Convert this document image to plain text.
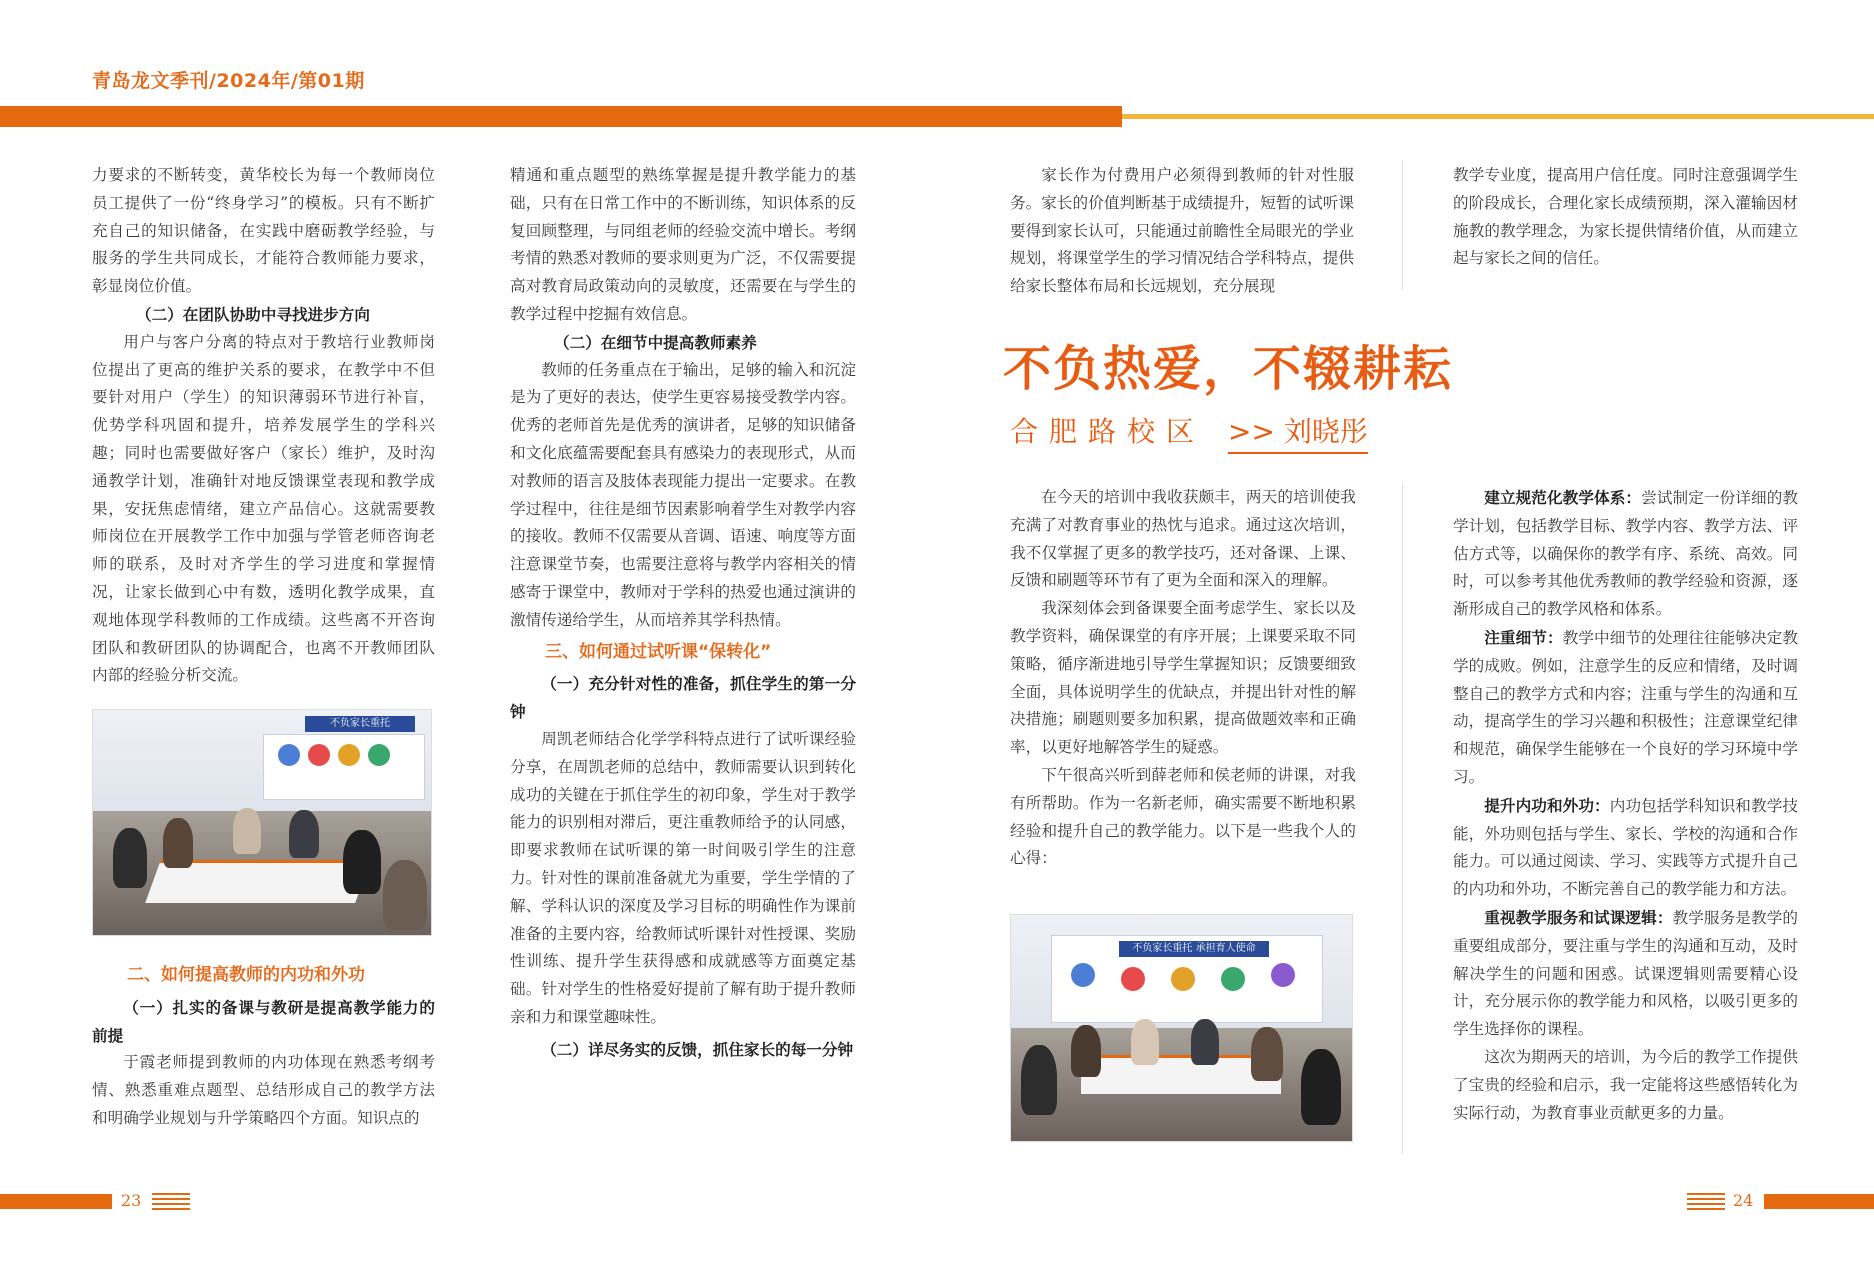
青岛龙文季刊/2024年/第01期

力要求的不断转变，黄华校长为每一个教师岗位员工提供了一份“终身学习”的模板。只有不断扩充自己的知识储备，在实践中磨砺教学经验，与服务的学生共同成长，才能符合教师能力要求，彰显岗位价值。

（二）在团队协助中寻找进步方向

用户与客户分离的特点对于教培行业教师岗位提出了更高的维护关系的要求，在教学中不但要针对用户（学生）的知识薄弱环节进行补盲，优势学科巩固和提升，培养发展学生的学科兴趣；同时也需要做好客户（家长）维护，及时沟通教学计划，准确针对地反馈课堂表现和教学成果，安抚焦虑情绪，建立产品信心。这就需要教师岗位在开展教学工作中加强与学管老师咨询老师的联系，及时对齐学生的学习进度和掌握情况，让家长做到心中有数，透明化教学成果，直观地体现学科教师的工作成绩。这些离不开咨询团队和教研团队的协调配合，也离不开教师团队内部的经验分析交流。

不负家长重托
二、如何提高教师的内功和外功
（一）扎实的备课与教研是提高教学能力的前提

于霞老师提到教师的内功体现在熟悉考纲考情、熟悉重难点题型、总结形成自己的教学方法和明确学业规划与升学策略四个方面。知识点的

精通和重点题型的熟练掌握是提升教学能力的基础，只有在日常工作中的不断训练，知识体系的反复回顾整理，与同组老师的经验交流中增长。考纲考情的熟悉对教师的要求则更为广泛，不仅需要提高对教育局政策动向的灵敏度，还需要在与学生的教学过程中挖掘有效信息。

（二）在细节中提高教师素养

教师的任务重点在于输出，足够的输入和沉淀是为了更好的表达，使学生更容易接受教学内容。优秀的老师首先是优秀的演讲者，足够的知识储备和文化底蕴需要配套具有感染力的表现形式，从而对教师的语言及肢体表现能力提出一定要求。在教学过程中，往往是细节因素影响着学生对教学内容的接收。教师不仅需要从音调、语速、响度等方面注意课堂节奏，也需要注意将与教学内容相关的情感寄于课堂中，教师对于学科的热爱也通过演讲的激情传递给学生，从而培养其学科热情。

三、如何通过试听课“保转化”
（一）充分针对性的准备，抓住学生的第一分钟

周凯老师结合化学学科特点进行了试听课经验分享，在周凯老师的总结中，教师需要认识到转化成功的关键在于抓住学生的初印象，学生对于教学能力的识别相对滞后，更注重教师给予的认同感，即要求教师在试听课的第一时间吸引学生的注意力。针对性的课前准备就尤为重要，学生学情的了解、学科认识的深度及学习目标的明确性作为课前准备的主要内容，给教师试听课针对性授课、奖励性训练、提升学生获得感和成就感等方面奠定基础。针对学生的性格爱好提前了解有助于提升教师亲和力和课堂趣味性。

（二）详尽务实的反馈，抓住家长的每一分钟

家长作为付费用户必须得到教师的针对性服务。家长的价值判断基于成绩提升，短暂的试听课要得到家长认可，只能通过前瞻性全局眼光的学业规划，将课堂学生的学习情况结合学科特点，提供给家长整体布局和长远规划，充分展现

教学专业度，提高用户信任度。同时注意强调学生的阶段成长，合理化家长成绩预期，深入灌输因材施教的教学理念，为家长提供情绪价值，从而建立起与家长之间的信任。

不负热爱，不辍耕耘
合肥路校区 >> 刘晓彤

在今天的培训中我收获颇丰，两天的培训使我充满了对教育事业的热忱与追求。通过这次培训，我不仅掌握了更多的教学技巧，还对备课、上课、反馈和刷题等环节有了更为全面和深入的理解。

我深刻体会到备课要全面考虑学生、家长以及教学资料，确保课堂的有序开展；上课要采取不同策略，循序渐进地引导学生掌握知识；反馈要细致全面，具体说明学生的优缺点，并提出针对性的解决措施；刷题则要多加积累，提高做题效率和正确率，以更好地解答学生的疑惑。

下午很高兴听到薛老师和侯老师的讲课，对我有所帮助。作为一名新老师，确实需要不断地积累经验和提升自己的教学能力。以下是一些我个人的心得：

不负家长重托 承担育人使命

建立规范化教学体系：尝试制定一份详细的教学计划，包括教学目标、教学内容、教学方法、评估方式等，以确保你的教学有序、系统、高效。同时，可以参考其他优秀教师的教学经验和资源，逐渐形成自己的教学风格和体系。

注重细节：教学中细节的处理往往能够决定教学的成败。例如，注意学生的反应和情绪，及时调整自己的教学方式和内容；注重与学生的沟通和互动，提高学生的学习兴趣和积极性；注意课堂纪律和规范，确保学生能够在一个良好的学习环境中学习。

提升内功和外功：内功包括学科知识和教学技能，外功则包括与学生、家长、学校的沟通和合作能力。可以通过阅读、学习、实践等方式提升自己的内功和外功，不断完善自己的教学能力和方法。

重视教学服务和试课逻辑：教学服务是教学的重要组成部分，要注重与学生的沟通和互动，及时解决学生的问题和困惑。试课逻辑则需要精心设计，充分展示你的教学能力和风格，以吸引更多的学生选择你的课程。

这次为期两天的培训，为今后的教学工作提供了宝贵的经验和启示，我一定能将这些感悟转化为实际行动，为教育事业贡献更多的力量。

23	24
